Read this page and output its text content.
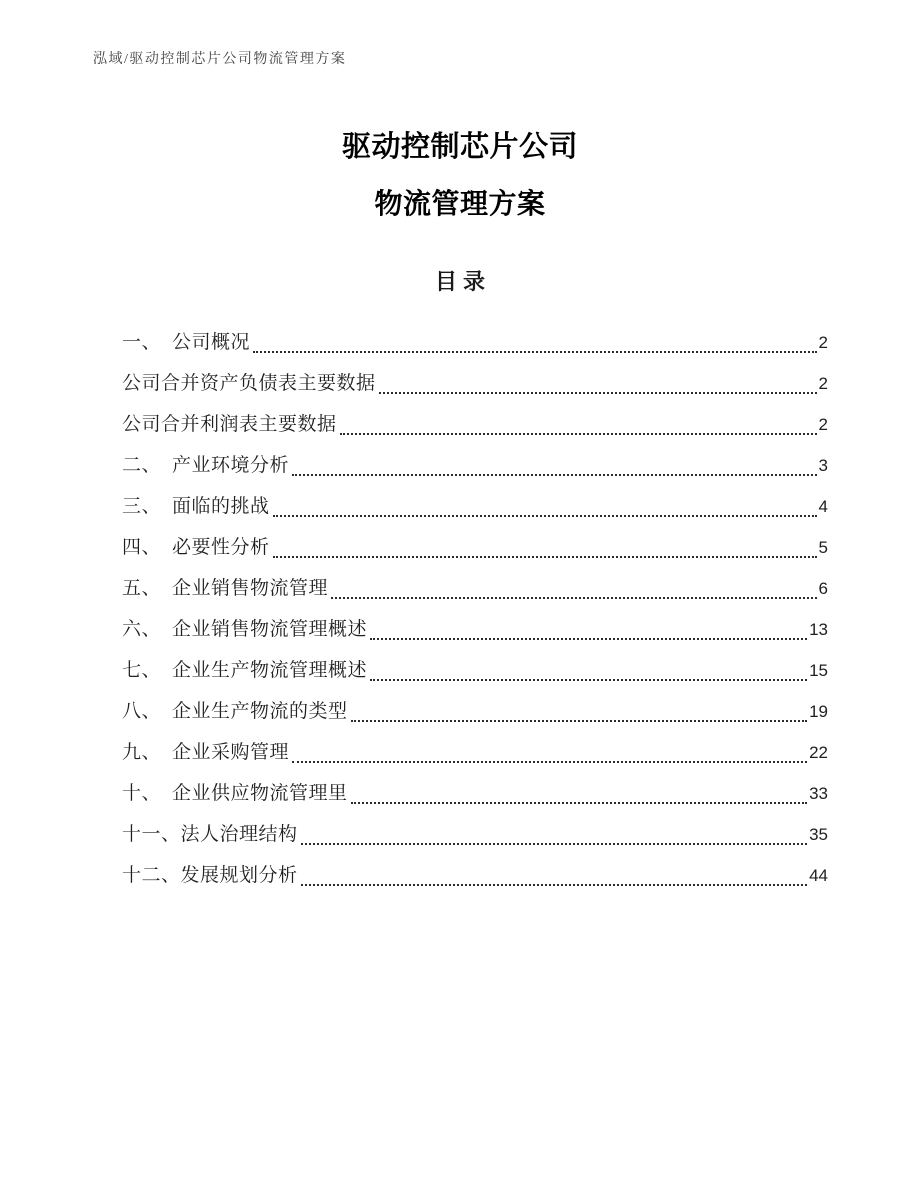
泓域/驱动控制芯片公司物流管理方案
驱动控制芯片公司
物流管理方案
目录
一、 公司概况	2
公司合并资产负债表主要数据	2
公司合并利润表主要数据	2
二、 产业环境分析	3
三、 面临的挑战	4
四、 必要性分析	5
五、 企业销售物流管理	6
六、 企业销售物流管理概述	13
七、 企业生产物流管理概述	15
八、 企业生产物流的类型	19
九、 企业采购管理	22
十、 企业供应物流管理里	33
十一、 法人治理结构	35
十二、 发展规划分析	44
